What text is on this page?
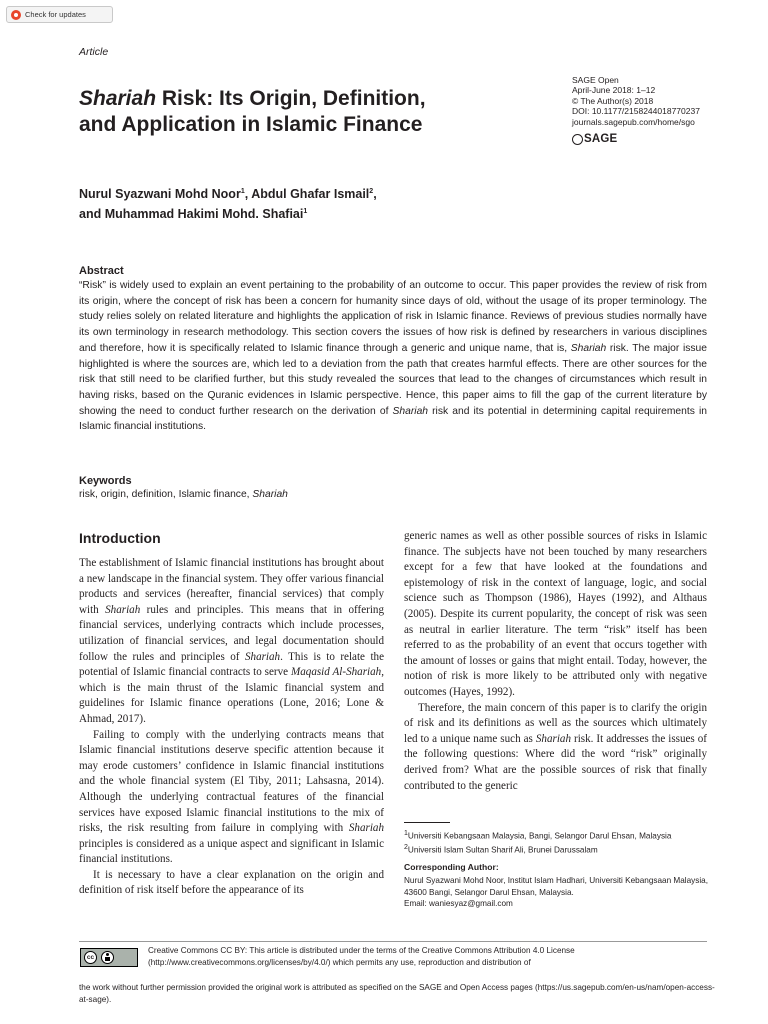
Check for updates
Article
Shariah Risk: Its Origin, Definition,
and Application in Islamic Finance
SAGE Open
April-June 2018: 1–12
© The Author(s) 2018
DOI: 10.1177/2158244018770237
journals.sagepub.com/home/sgo
SAGE
Nurul Syazwani Mohd Noor$^1$, Abdul Ghafar Ismail$^2$,
and Muhammad Hakimi Mohd. Shafiai$^1$
Abstract
“Risk” is widely used to explain an event pertaining to the probability of an outcome to occur. This paper provides the review of risk from its origin, where the concept of risk has been a concern for humanity since days of old, without the usage of its proper terminology. The study relies solely on related literature and highlights the application of risk in Islamic finance. Reviews of previous studies normally have its own terminology in research methodology. This section covers the issues of how risk is defined by researchers in various disciplines and therefore, how it is specifically related to Islamic finance through a generic and unique name, that is, Shariah risk. The major issue highlighted is where the sources are, which led to a deviation from the path that creates harmful effects. There are other sources for the risk that still need to be clarified further, but this study revealed the sources that lead to the changes of circumstances which result in having risks, based on the Quranic evidences in Islamic perspective. Hence, this paper aims to fill the gap of the current literature by showing the need to conduct further research on the derivation of Shariah risk and its potential in determining capital requirements in Islamic financial institutions.
Keywords
risk, origin, definition, Islamic finance, Shariah
Introduction

The establishment of Islamic financial institutions has brought about a new landscape in the financial system. They offer various financial products and services (hereafter, financial services) that comply with Shariah rules and principles. This means that in offering financial services, underlying contracts which include processes, utilization of financial services, and legal documentation should follow the rules and principles of Shariah. This is to relate the potential of Islamic financial contracts to serve Maqasid Al-Shariah, which is the main thrust of the Islamic financial system and guidelines for Islamic finance operations (Lone, 2016; Lone & Ahmad, 2017).

Failing to comply with the underlying contracts means that Islamic financial institutions deserve specific attention because it may erode customers’ confidence in Islamic financial institutions and the whole financial system (El Tiby, 2011; Lahsasna, 2014). Although the underlying contractual features of the financial services have exposed Islamic financial institutions to the mix of risks, the risk resulting from failure in complying with Shariah principles is considered as a unique aspect and significant in Islamic financial institutions.

It is necessary to have a clear explanation on the origin and definition of risk itself before the appearance of its

generic names as well as other possible sources of risks in Islamic finance. The subjects have not been touched by many researchers except for a few that have looked at the foundations and epistemology of risk in the context of language, logic, and social science such as Thompson (1986), Hayes (1992), and Althaus (2005). Despite its current popularity, the concept of risk was seen as neutral in earlier literature. The term “risk” itself has been referred to as the probability of an event that occurs together with the amount of losses or gains that might entail. Today, however, the notion of risk is more likely to be attributed only with negative outcomes (Hayes, 1992).

Therefore, the main concern of this paper is to clarify the origin of risk and its definitions as well as the sources which ultimately led to a unique name such as Shariah risk. It addresses the issues of the following questions: Where did the word “risk” originally derived from? What are the possible sources of risk that finally contributed to the generic

$^1$Universiti Kebangsaan Malaysia, Bangi, Selangor Darul Ehsan, Malaysia
$^2$Universiti Islam Sultan Sharif Ali, Brunei Darussalam
Corresponding Author:
Nurul Syazwani Mohd Noor, Institut Islam Hadhari, Universiti Kebangsaan Malaysia, 43600 Bangi, Selangor Darul Ehsan, Malaysia.
Email: waniesyaz@gmail.com
cc
Creative Commons CC BY: This article is distributed under the terms of the Creative Commons Attribution 4.0 License (http://www.creativecommons.org/licenses/by/4.0/) which permits any use, reproduction and distribution of
the work without further permission provided the original work is attributed as specified on the SAGE and Open Access pages (https://us.sagepub.com/en-us/nam/open-access-at-sage).
